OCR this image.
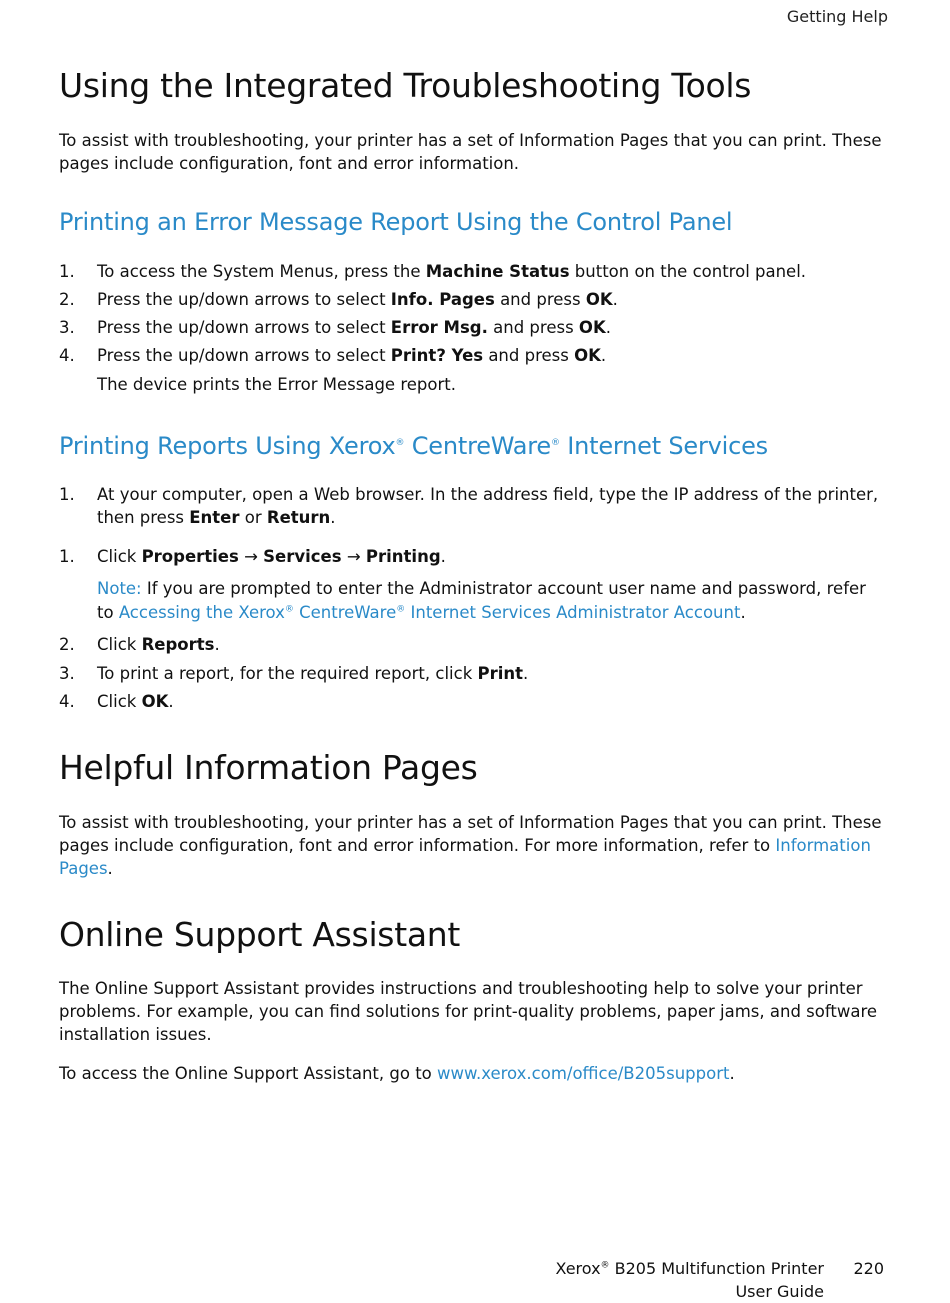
Getting Help
Using the Integrated Troubleshooting Tools

To assist with troubleshooting, your printer has a set of Information Pages that you can print. These pages include configuration, font and error information.

Printing an Error Message Report Using the Control Panel
1. To access the System Menus, press the Machine Status button on the control panel.
2. Press the up/down arrows to select Info. Pages and press OK.
3. Press the up/down arrows to select Error Msg. and press OK.
4. Press the up/down arrows to select Print? Yes and press OK.
The device prints the Error Message report.
Printing Reports Using Xerox® CentreWare® Internet Services
1. At your computer, open a Web browser. In the address field, type the IP address of the printer, then press Enter or Return.
1. Click Properties → Services → Printing.
Note: If you are prompted to enter the Administrator account user name and password, refer to Accessing the Xerox® CentreWare® Internet Services Administrator Account.
2. Click Reports.
3. To print a report, for the required report, click Print.
4. Click OK.
Helpful Information Pages

To assist with troubleshooting, your printer has a set of Information Pages that you can print. These pages include configuration, font and error information. For more information, refer to Information Pages.

Online Support Assistant

The Online Support Assistant provides instructions and troubleshooting help to solve your printer problems. For example, you can find solutions for print-quality problems, paper jams, and software installation issues.

To access the Online Support Assistant, go to www.xerox.com/office/B205support.

Xerox® B205 Multifunction Printer
User Guide
220
